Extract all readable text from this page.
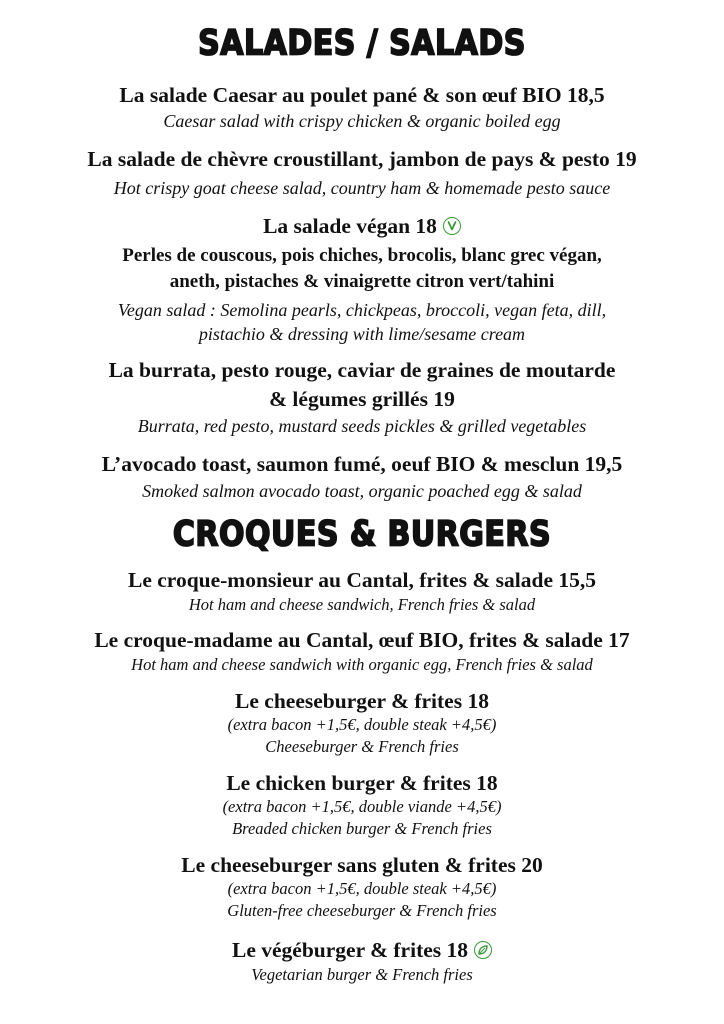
SALADES / SALADS
La salade Caesar au poulet pané & son œuf BIO 18,5
Caesar salad with crispy chicken & organic boiled egg
La salade de chèvre croustillant, jambon de pays & pesto 19
Hot crispy goat cheese salad, country ham & homemade pesto sauce
La salade végan 18
Perles de couscous, pois chiches, brocolis, blanc grec végan,
aneth, pistaches & vinaigrette citron vert/tahini
Vegan salad : Semolina pearls, chickpeas, broccoli, vegan feta, dill,
pistachio & dressing with lime/sesame cream
La burrata, pesto rouge, caviar de graines de moutarde
& légumes grillés 19
Burrata, red pesto, mustard seeds pickles & grilled vegetables
L’avocado toast, saumon fumé, oeuf BIO & mesclun 19,5
Smoked salmon avocado toast, organic poached egg & salad
CROQUES & BURGERS
Le croque-monsieur au Cantal, frites & salade 15,5
Hot ham and cheese sandwich, French fries & salad
Le croque-madame au Cantal, œuf BIO, frites & salade 17
Hot ham and cheese sandwich with organic egg, French fries & salad
Le cheeseburger & frites 18
(extra bacon +1,5€, double steak +4,5€)
Cheeseburger & French fries
Le chicken burger & frites 18
(extra bacon +1,5€, double viande +4,5€)
Breaded chicken burger & French fries
Le cheeseburger sans gluten & frites 20
(extra bacon +1,5€, double steak +4,5€)
Gluten-free cheeseburger & French fries
Le végéburger & frites 18
Vegetarian burger & French fries
